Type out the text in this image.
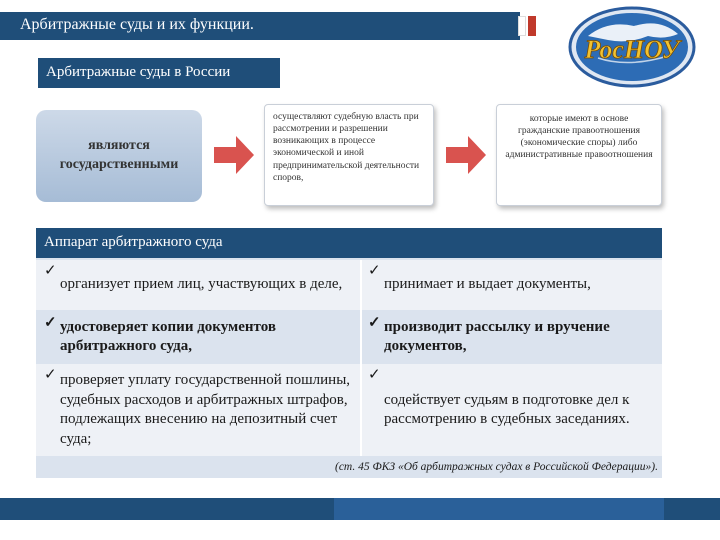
Арбитражные суды и их функции.
РосНОУ
Арбитражные суды в России
являются государственными
осуществляют судебную власть при рассмотрении и разрешении возникающих в процессе экономической и иной предпринимательской деятельности споров,
которые имеют в основе гражданские правоотношения (экономические споры) либо административные правоотношения
Аппарат арбитражного суда
✓
организует прием лиц, участвующих в деле,
✓
принимает и выдает документы,
✓ удостоверяет копии документов арбитражного суда,
✓ производит рассылку и вручение документов,
✓ проверяет уплату государственной пошлины, судебных расходов и арбитражных штрафов, подлежащих внесению на депозитный счет суда;
✓
содействует судьям в подготовке дел к рассмотрению в судебных заседаниях.
(ст. 45 ФКЗ «Об арбитражных судах в Российской Федерации»).
